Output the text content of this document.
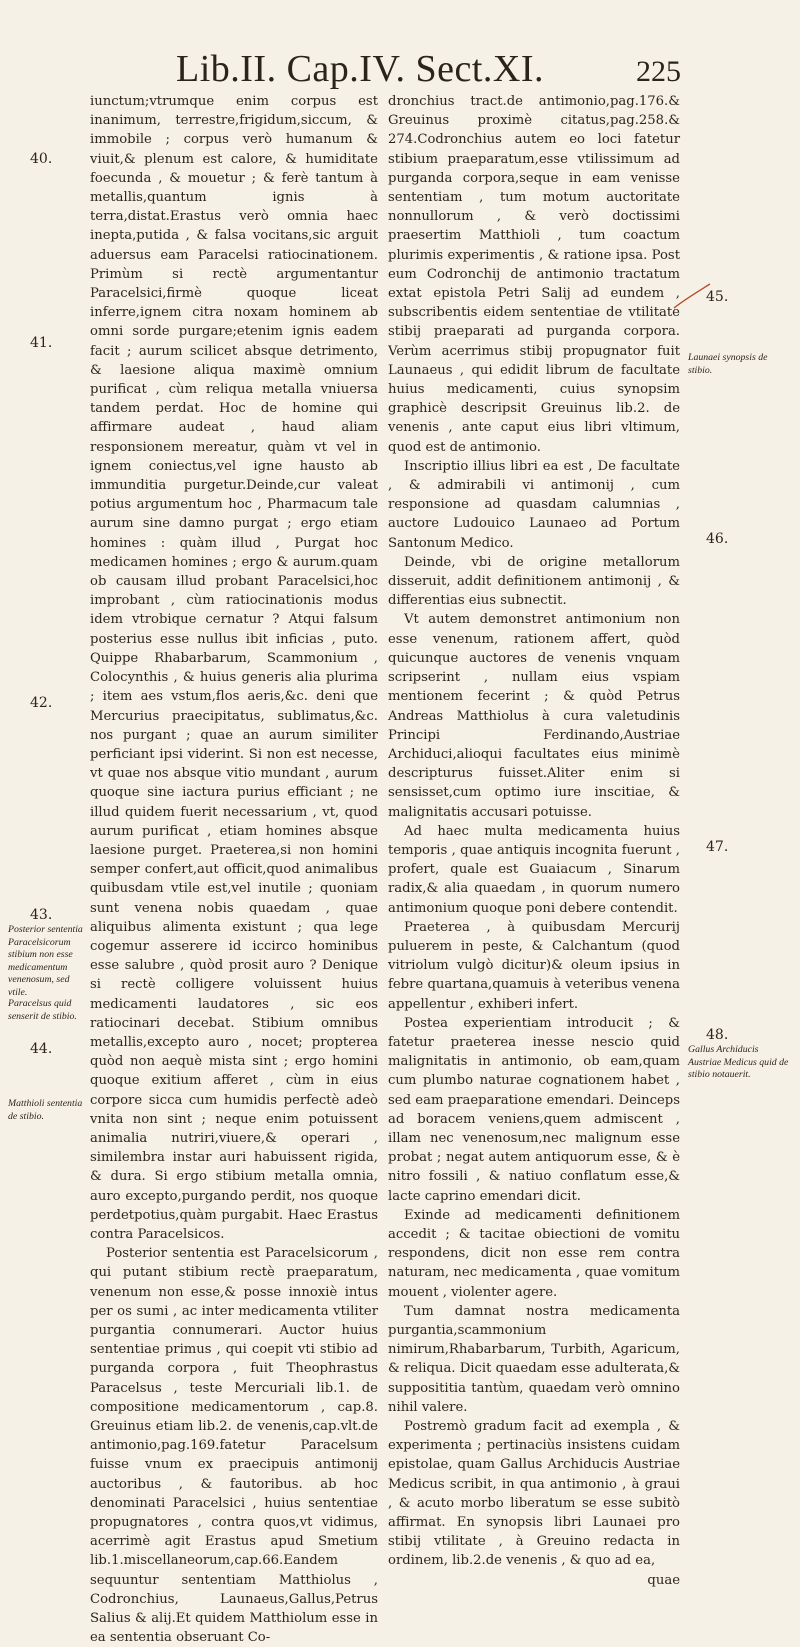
Lib.II. Cap.IV. Sect.XI.	225
40.
41.
42.
43.
44.
45.
46.
47.
48.
Posterior sententia Paracelsicorum stibium non esse medicamentum venenosum, sed vtile.
Paracelsus quid senserit de stibio.
Matthioli sententia de stibio.
Launaei synopsis de stibio.
Gallus Archiducis Austriae Medicus quid de stibio notauerit.

iunctum;vtrumque enim corpus est inanimum, terrestre,frigidum,siccum, & immobile ; corpus verò humanum & viuit,& plenum est calore, & humiditate foecunda , & mouetur ; & ferè tantum à metallis,quantum ignis à terra,distat.Erastus verò omnia haec inepta,putida , & falsa vocitans,sic arguit aduersus eam Paracelsi ratiocinationem. Primùm si rectè argumentantur Paracelsici,firmè quoque liceat inferre,ignem citra noxam hominem ab omni sorde purgare;etenim ignis eadem facit ; aurum scilicet absque detrimento, & laesione aliqua maximè omnium purificat , cùm reliqua metalla vniuersa tandem perdat. Hoc de homine qui affirmare audeat , haud aliam responsionem mereatur, quàm vt vel in ignem coniectus,vel igne hausto ab immunditia purgetur.Deinde,cur valeat potius argumentum hoc , Pharmacum tale aurum sine damno purgat ; ergo etiam homines : quàm illud , Purgat hoc medicamen homines ; ergo & aurum.quam ob causam illud probant Paracelsici,hoc improbant , cùm ratiocinationis modus idem vtrobique cernatur ? Atqui falsum posterius esse nullus ibit inficias , puto. Quippe Rhabarbarum, Scammonium , Colocynthis , & huius generis alia plurima ; item aes vstum,flos aeris,&c. deni que Mercurius praecipitatus, sublimatus,&c. nos purgant ; quae an aurum similiter perficiant ipsi viderint. Si non est necesse, vt quae nos absque vitio mundant , aurum quoque sine iactura purius efficiant ; ne illud quidem fuerit necessarium , vt, quod aurum purificat , etiam homines absque laesione purget. Praeterea,si non homini semper confert,aut officit,quod animalibus quibusdam vtile est,vel inutile ; quoniam sunt venena nobis quaedam , quae aliquibus alimenta existunt ; qua lege cogemur asserere id iccirco hominibus esse salubre , quòd prosit auro ? Denique si rectè colligere voluissent huius medicamenti laudatores , sic eos ratiocinari decebat. Stibium omnibus metallis,excepto auro , nocet; propterea quòd non aequè mista sint ; ergo homini quoque exitium afferet , cùm in eius corpore sicca cum humidis perfectè adeò vnita non sint ; neque enim potuissent animalia nutriri,viuere,& operari , similembra instar auri habuissent rigida, & dura. Si ergo stibium metalla omnia, auro excepto,purgando perdit, nos quoque perdetpotius,quàm purgabit. Haec Erastus contra Paracelsicos.

Posterior sententia est Paracelsicorum , qui putant stibium rectè praeparatum, venenum non esse,& posse innoxiè intus per os sumi , ac inter medicamenta vtiliter purgantia connumerari. Auctor huius sententiae primus , qui coepit vti stibio ad purganda corpora , fuit Theophrastus Paracelsus , teste Mercuriali lib.1. de compositione medicamentorum , cap.8. Greuinus etiam lib.2. de venenis,cap.vlt.de antimonio,pag.169.fatetur Paracelsum fuisse vnum ex praecipuis antimonij auctoribus , & fautoribus. ab hoc denominati Paracelsici , huius sententiae propugnatores , contra quos,vt vidimus, acerrimè agit Erastus apud Smetium lib.1.miscellaneorum,cap.66.Eandem sequuntur sententiam Matthiolus , Codronchius, Launaeus,Gallus,Petrus Salius & alij.Et quidem Matthiolum esse in ea sententia obseruant Co-

dronchius tract.de antimonio,pag.176.& Greuinus proximè citatus,pag.258.& 274.Codronchius autem eo loci fatetur stibium praeparatum,esse vtilissimum ad purganda corpora,seque in eam venisse sententiam , tum motum auctoritate nonnullorum , & verò doctissimi praesertim Matthioli , tum coactum plurimis experimentis , & ratione ipsa. Post eum Codronchij de antimonio tractatum extat epistola Petri Salij ad eundem , subscribentis eidem sententiae de vtilitate stibij praeparati ad purganda corpora. Verùm acerrimus stibij propugnator fuit Launaeus , qui edidit librum de facultate huius medicamenti, cuius synopsim graphicè descripsit Greuinus lib.2. de venenis , ante caput eius libri vltimum, quod est de antimonio.

Inscriptio illius libri ea est , De facultate , & admirabili vi antimonij , cum responsione ad quasdam calumnias , auctore Ludouico Launaeo ad Portum Santonum Medico.

Deinde, vbi de origine metallorum disseruit, addit definitionem antimonij , & differentias eius subnectit.

Vt autem demonstret antimonium non esse venenum, rationem affert, quòd quicunque auctores de venenis vnquam scripserint , nullam eius vspiam mentionem fecerint ; & quòd Petrus Andreas Matthiolus à cura valetudinis Principi Ferdinando,Austriae Archiduci,alioqui facultates eius minimè descripturus fuisset.Aliter enim si sensisset,cum optimo iure inscitiae, & malignitatis accusari potuisse.

Ad haec multa medicamenta huius temporis , quae antiquis incognita fuerunt , profert, quale est Guaiacum , Sinarum radix,& alia quaedam , in quorum numero antimonium quoque poni debere contendit.

Praeterea , à quibusdam Mercurij puluerem in peste, & Calchantum (quod vitriolum vulgò dicitur)& oleum ipsius in febre quartana,quamuis à veteribus venena appellentur , exhiberi infert.

Postea experientiam introducit ; & fatetur praeterea inesse nescio quid malignitatis in antimonio, ob eam,quam cum plumbo naturae cognationem habet , sed eam praeparatione emendari. Deinceps ad boracem veniens,quem admiscent , illam nec venenosum,nec malignum esse probat ; negat autem antiquorum esse, & è nitro fossili , & natiuo conflatum esse,& lacte caprino emendari dicit.

Exinde ad medicamenti definitionem accedit ; & tacitae obiectioni de vomitu respondens, dicit non esse rem contra naturam, nec medicamenta , quae vomitum mouent , violenter agere.

Tum damnat nostra medicamenta purgantia,scammonium nimirum,Rhabarbarum, Turbith, Agaricum, & reliqua. Dicit quaedam esse adulterata,& supposititia tantùm, quaedam verò omnino nihil valere.

Postremò gradum facit ad exempla , & experimenta ; pertinaciùs insistens cuidam epistolae, quam Gallus Archiducis Austriae Medicus scribit, in qua antimonio , à graui , & acuto morbo liberatum se esse subitò affirmat. En synopsis libri Launaei pro stibij vtilitate , à Greuino redacta in ordinem, lib.2.de venenis , & quo ad ea,

quae
